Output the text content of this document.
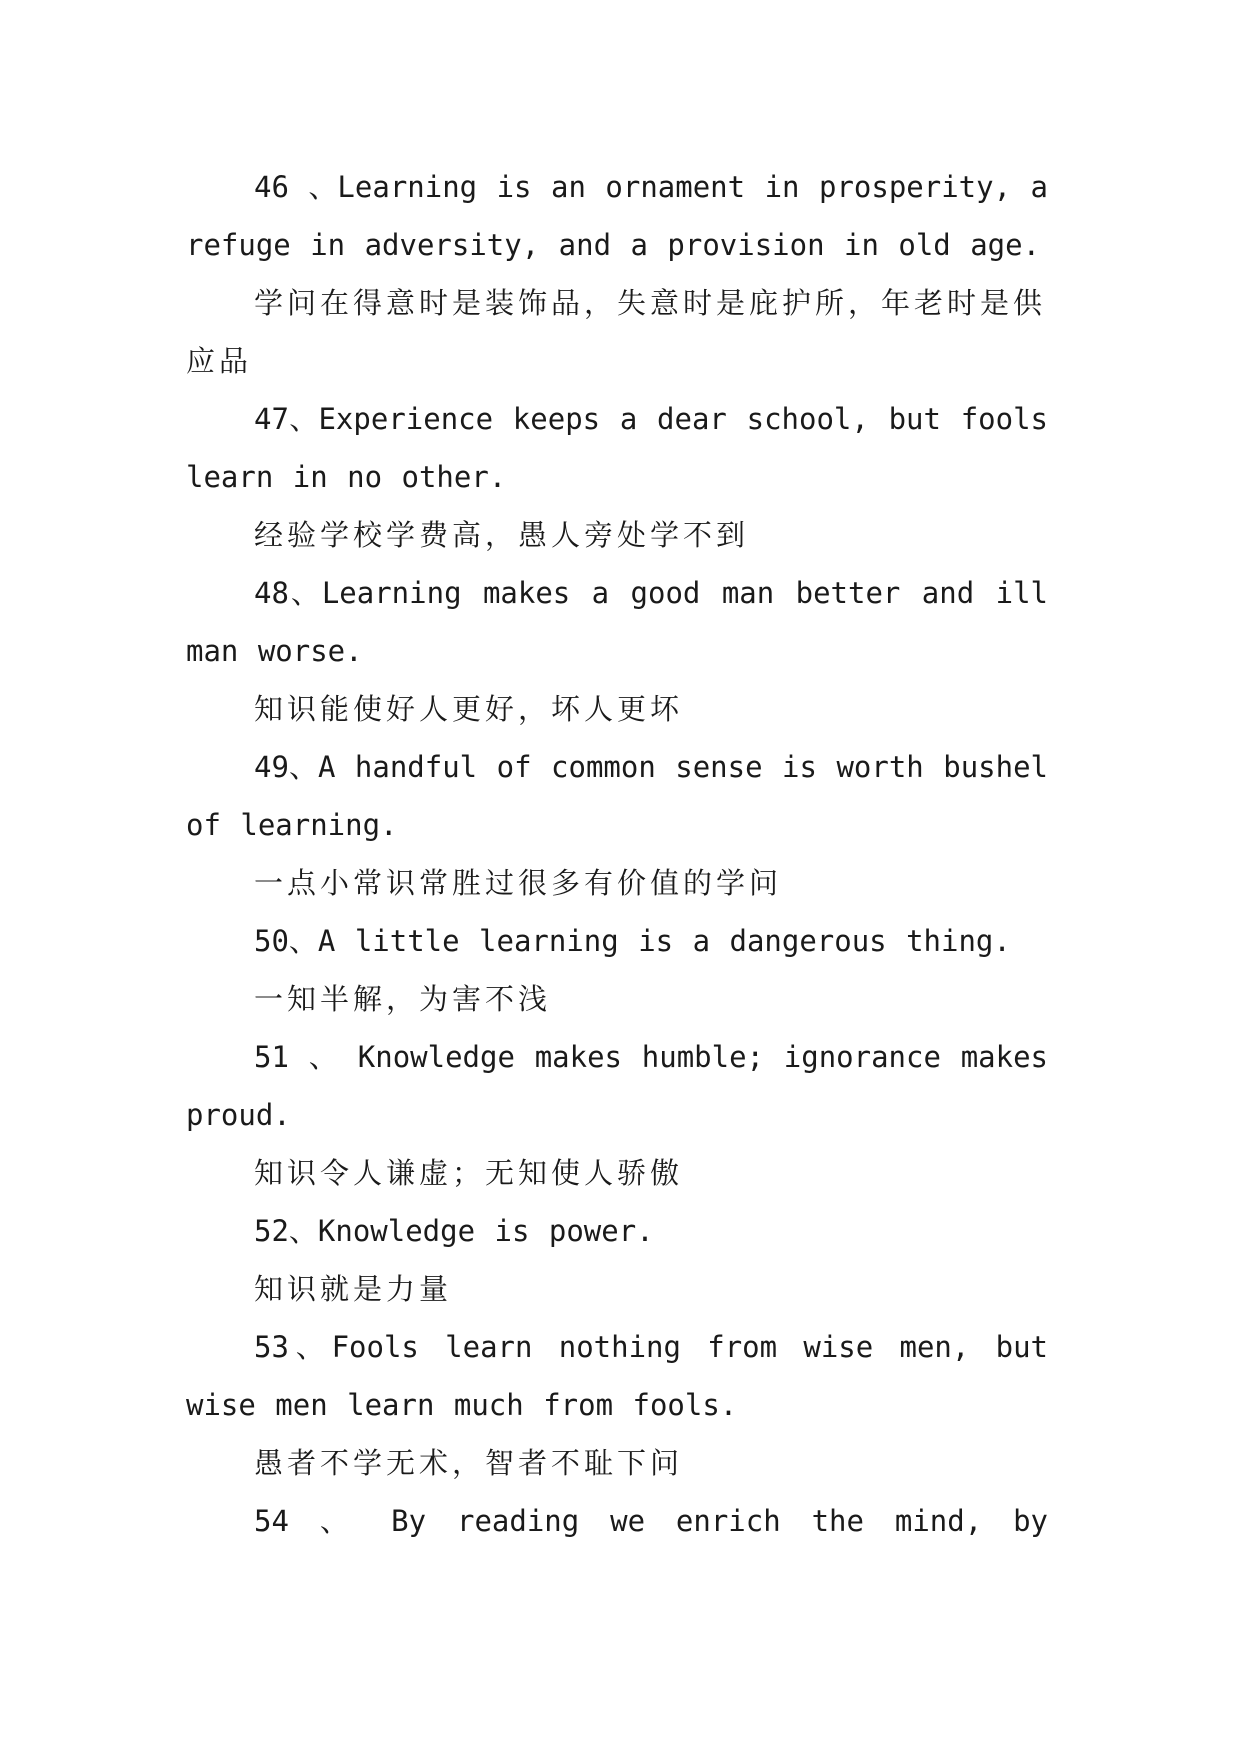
46 、Learning is an ornament in prosperity, a refuge in adversity, and a provision in old age.

学问在得意时是装饰品，失意时是庇护所，年老时是供应品

47、Experience keeps a dear school, but fools learn in no other.

经验学校学费高，愚人旁处学不到

48、Learning makes a good man better and ill man worse.

知识能使好人更好，坏人更坏

49、A handful of common sense is worth bushel of learning.

一点小常识常胜过很多有价值的学问

50、A little learning is a dangerous thing.

一知半解，为害不浅

51 、 Knowledge makes humble; ignorance makes proud.

知识令人谦虚；无知使人骄傲

52、Knowledge is power.

知识就是力量

53、Fools learn nothing from wise men, but wise men learn much from fools.

愚者不学无术，智者不耻下问

54 、 By reading we enrich the mind, by
